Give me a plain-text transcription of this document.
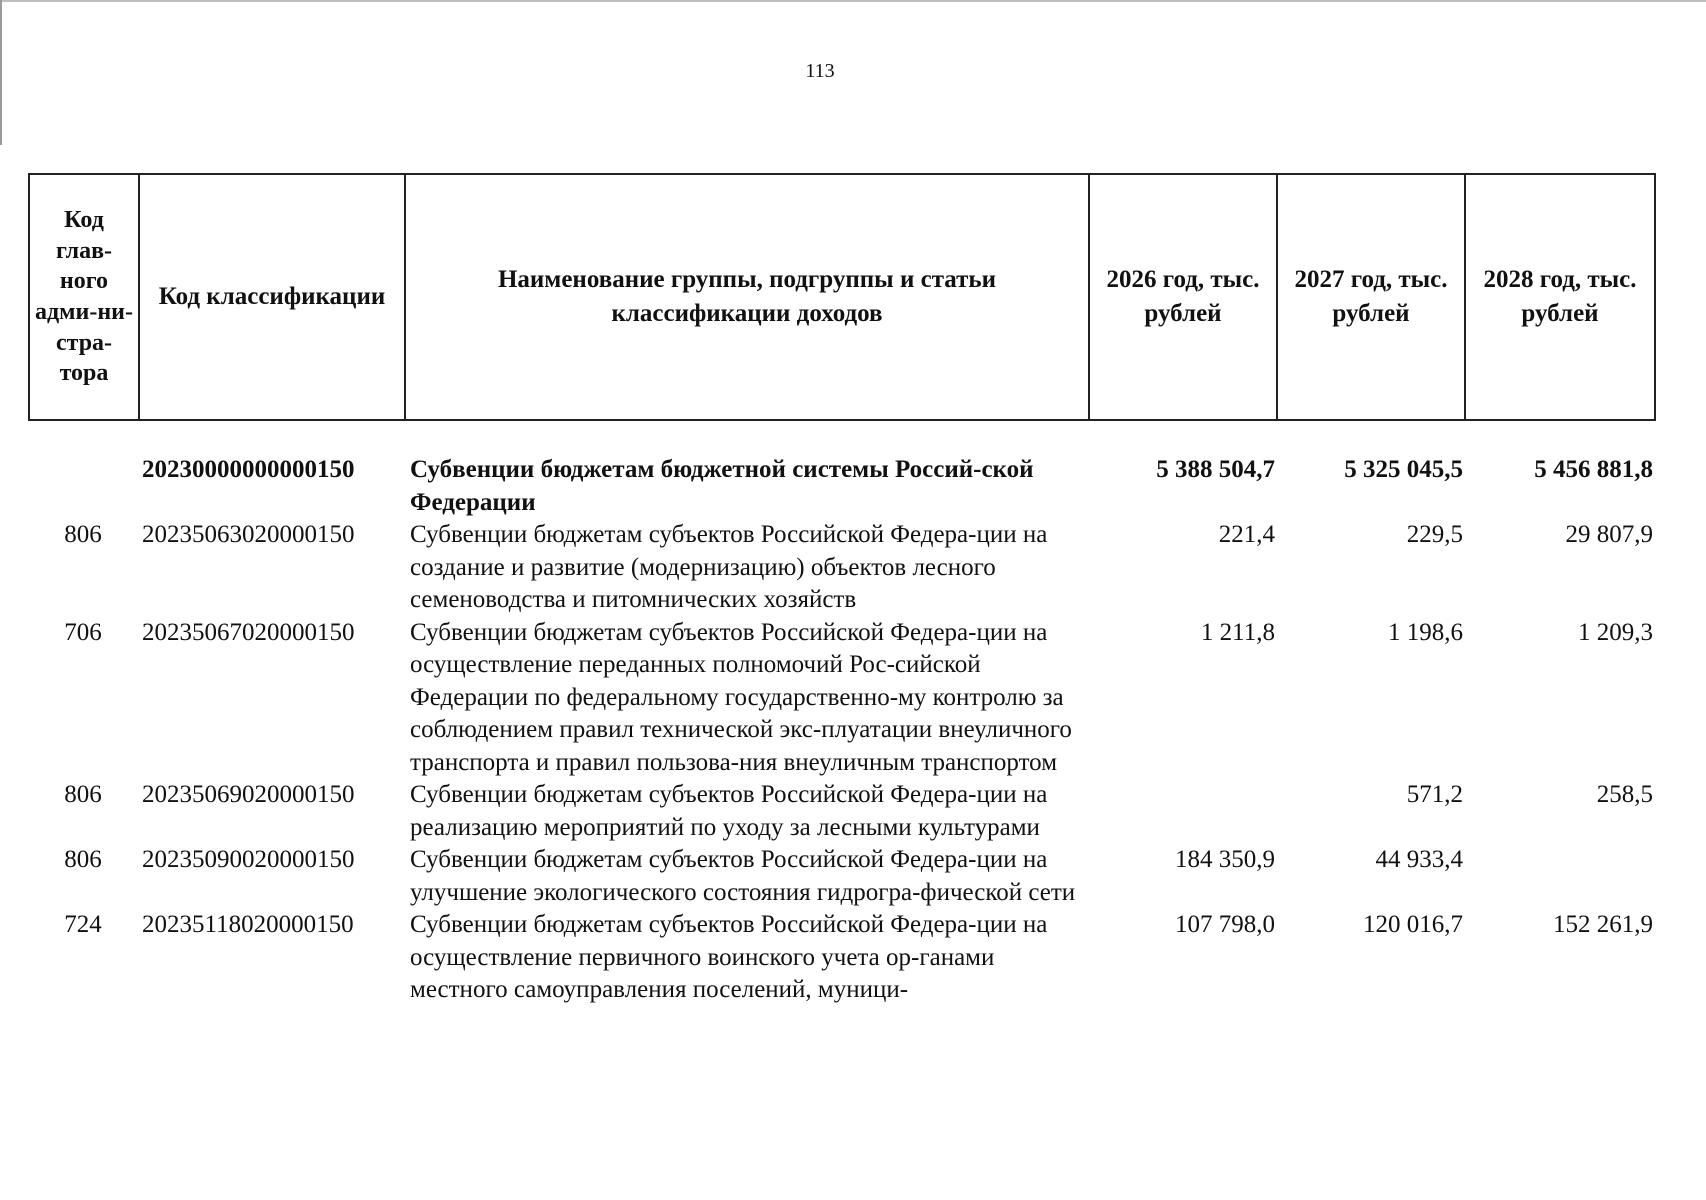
113
Код глав-ного адми-ни-стра-тора	Код классификации	Наименование группы, подгруппы и статьи классификации доходов	2026 год, тыс. рублей	2027 год, тыс. рублей	2028 год, тыс. рублей
	20230000000000150	Субвенции бюджетам бюджетной системы Россий-ской Федерации	5 388 504,7	5 325 045,5	5 456 881,8
806	20235063020000150	Субвенции бюджетам субъектов Российской Федера-ции на создание и развитие (модернизацию) объектов лесного семеноводства и питомнических хозяйств	221,4	229,5	29 807,9
706	20235067020000150	Субвенции бюджетам субъектов Российской Федера-ции на осуществление переданных полномочий Рос-сийской Федерации по федеральному государственно-му контролю за соблюдением правил технической экс-плуатации внеуличного транспорта и правил пользова-ния внеуличным транспортом	1 211,8	1 198,6	1 209,3
806	20235069020000150	Субвенции бюджетам субъектов Российской Федера-ции на реализацию мероприятий по уходу за лесными культурами		571,2	258,5
806	20235090020000150	Субвенции бюджетам субъектов Российской Федера-ции на улучшение экологического состояния гидрогра-фической сети	184 350,9	44 933,4	
724	20235118020000150	Субвенции бюджетам субъектов Российской Федера-ции на осуществление первичного воинского учета ор-ганами местного самоуправления поселений, муници-	107 798,0	120 016,7	152 261,9
